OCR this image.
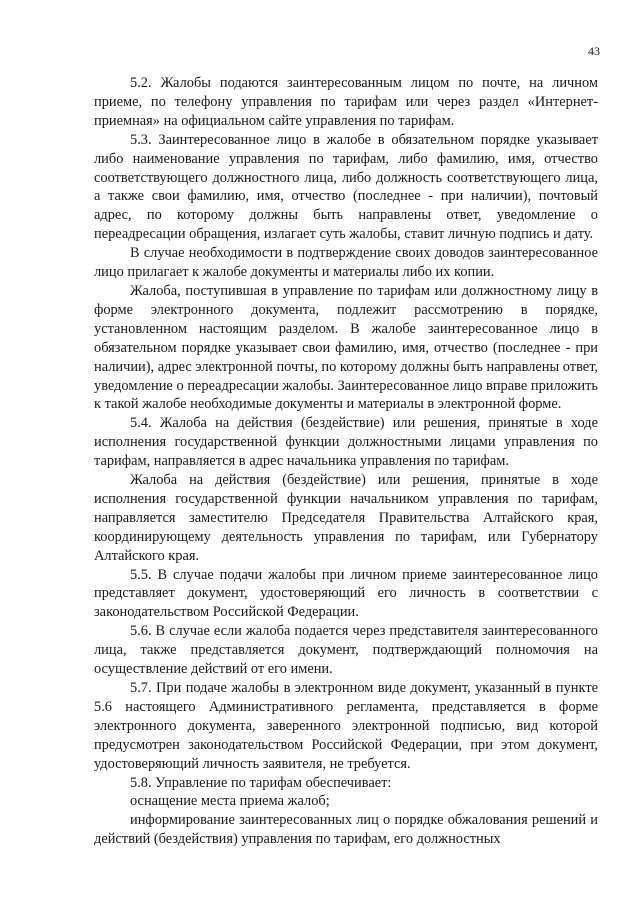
43

5.2. Жалобы подаются заинтересованным лицом по почте, на личном приеме, по телефону управления по тарифам или через раздел «Интернет-приемная» на официальном сайте управления по тарифам.

5.3. Заинтересованное лицо в жалобе в обязательном порядке указывает либо наименование управления по тарифам, либо фамилию, имя, отчество соответствующего должностного лица, либо должность соответствующего лица, а также свои фамилию, имя, отчество (последнее - при наличии), почтовый адрес, по которому должны быть направлены ответ, уведомление о переадресации обращения, излагает суть жалобы, ставит личную подпись и дату.

В случае необходимости в подтверждение своих доводов заинтересованное лицо прилагает к жалобе документы и материалы либо их копии.

Жалоба, поступившая в управление по тарифам или должностному лицу в форме электронного документа, подлежит рассмотрению в порядке, установленном настоящим разделом. В жалобе заинтересованное лицо в обязательном порядке указывает свои фамилию, имя, отчество (последнее - при наличии), адрес электронной почты, по которому должны быть направлены ответ, уведомление о переадресации жалобы. Заинтересованное лицо вправе приложить к такой жалобе необходимые документы и материалы в электронной форме.

5.4. Жалоба на действия (бездействие) или решения, принятые в ходе исполнения государственной функции должностными лицами управления по тарифам, направляется в адрес начальника управления по тарифам.

Жалоба на действия (бездействие) или решения, принятые в ходе исполнения государственной функции начальником управления по тарифам, направляется заместителю Председателя Правительства Алтайского края, координирующему деятельность управления по тарифам, или Губернатору Алтайского края.

5.5. В случае подачи жалобы при личном приеме заинтересованное лицо представляет документ, удостоверяющий его личность в соответствии с законодательством Российской Федерации.

5.6. В случае если жалоба подается через представителя заинтересованного лица, также представляется документ, подтверждающий полномочия на осуществление действий от его имени.

5.7. При подаче жалобы в электронном виде документ, указанный в пункте 5.6 настоящего Административного регламента, представляется в форме электронного документа, заверенного электронной подписью, вид которой предусмотрен законодательством Российской Федерации, при этом документ, удостоверяющий личность заявителя, не требуется.

5.8. Управление по тарифам обеспечивает:

оснащение места приема жалоб;

информирование заинтересованных лиц о порядке обжалования решений и действий (бездействия) управления по тарифам, его должностных
